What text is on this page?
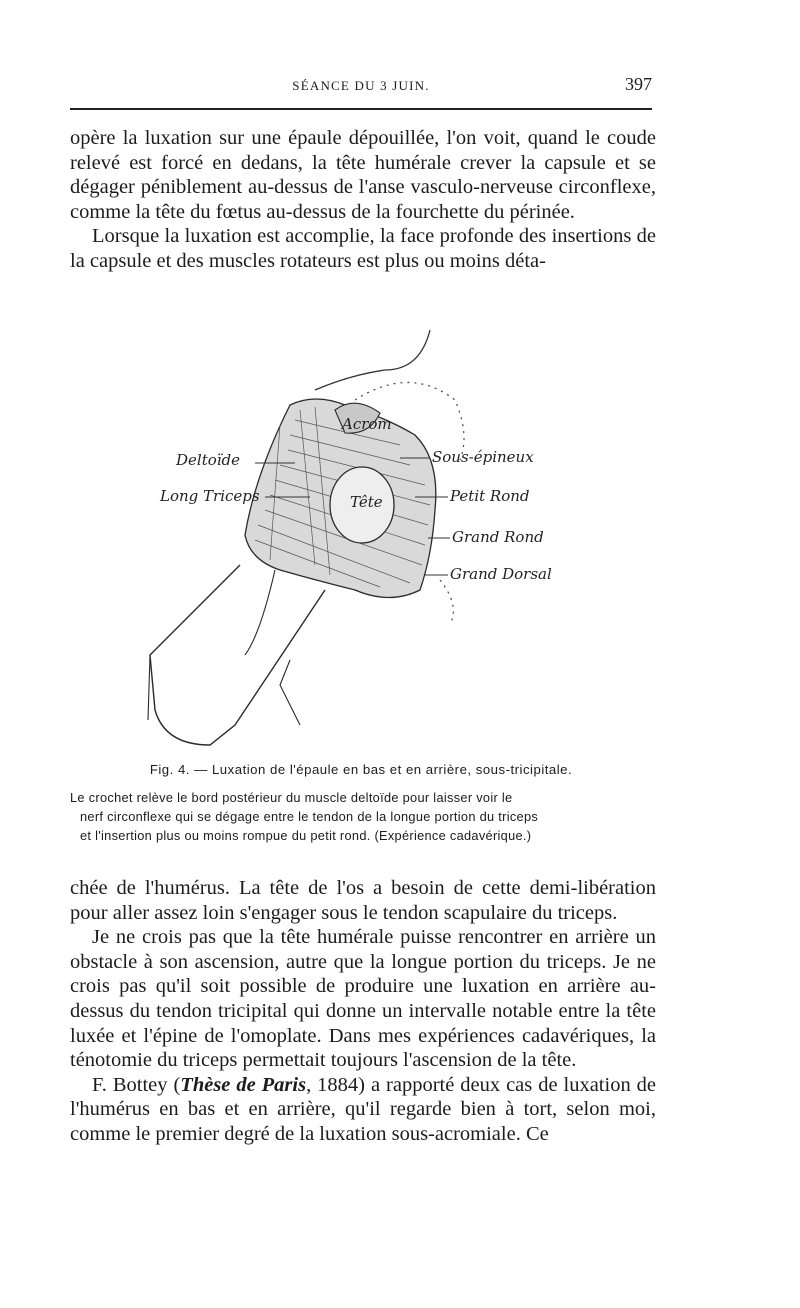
SÉANCE DU 3 JUIN.	397

opère la luxation sur une épaule dépouillée, l'on voit, quand le coude relevé est forcé en dedans, la tête humérale crever la capsule et se dégager péniblement au-dessus de l'anse vasculo-nerveuse circonflexe, comme la tête du fœtus au-dessus de la fourchette du périnée.

Lorsque la luxation est accomplie, la face profonde des insertions de la capsule et des muscles rotateurs est plus ou moins déta-

Deltoïde
Long Triceps
Acrom
Tête
Sous-épineux
Petit Rond
Grand Rond
Grand Dorsal
Fig. 4. — Luxation de l'épaule en bas et en arrière, sous-tricipitale.
Le crochet relève le bord postérieur du muscle deltoïde pour laisser voir le
nerf circonflexe qui se dégage entre le tendon de la longue portion du triceps
et l'insertion plus ou moins rompue du petit rond. (Expérience cadavérique.)

chée de l'humérus. La tête de l'os a besoin de cette demi-libération pour aller assez loin s'engager sous le tendon scapulaire du triceps.

Je ne crois pas que la tête humérale puisse rencontrer en arrière un obstacle à son ascension, autre que la longue portion du triceps. Je ne crois pas qu'il soit possible de produire une luxation en arrière au-dessus du tendon tricipital qui donne un intervalle notable entre la tête luxée et l'épine de l'omoplate. Dans mes expériences cadavériques, la ténotomie du triceps permettait toujours l'ascension de la tête.

F. Bottey (Thèse de Paris, 1884) a rapporté deux cas de luxation de l'humérus en bas et en arrière, qu'il regarde bien à tort, selon moi, comme le premier degré de la luxation sous-acromiale. Ce
